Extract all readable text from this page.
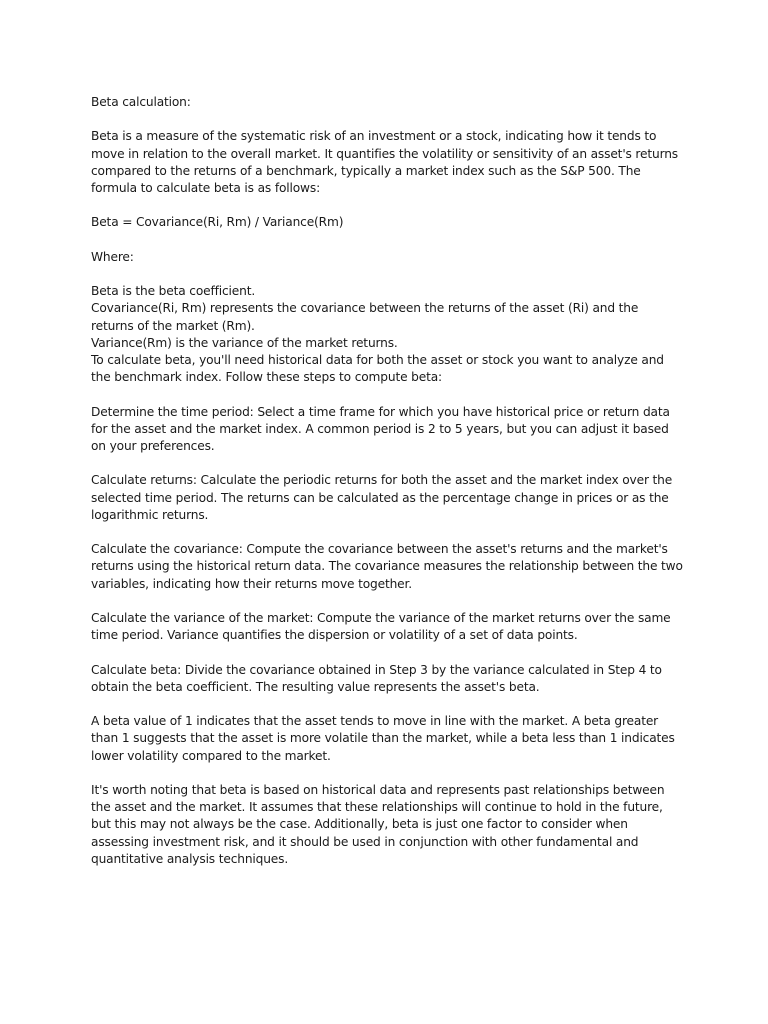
Beta calculation:

Beta is a measure of the systematic risk of an investment or a stock, indicating how it tends to move in relation to the overall market. It quantifies the volatility or sensitivity of an asset's returns compared to the returns of a benchmark, typically a market index such as the S&P 500. The formula to calculate beta is as follows:

Beta = Covariance(Ri, Rm) / Variance(Rm)

Where:

Beta is the beta coefficient.

Covariance(Ri, Rm) represents the covariance between the returns of the asset (Ri) and the returns of the market (Rm).

Variance(Rm) is the variance of the market returns.

To calculate beta, you'll need historical data for both the asset or stock you want to analyze and the benchmark index. Follow these steps to compute beta:

Determine the time period: Select a time frame for which you have historical price or return data for the asset and the market index. A common period is 2 to 5 years, but you can adjust it based on your preferences.

Calculate returns: Calculate the periodic returns for both the asset and the market index over the selected time period. The returns can be calculated as the percentage change in prices or as the logarithmic returns.

Calculate the covariance: Compute the covariance between the asset's returns and the market's returns using the historical return data. The covariance measures the relationship between the two variables, indicating how their returns move together.

Calculate the variance of the market: Compute the variance of the market returns over the same time period. Variance quantifies the dispersion or volatility of a set of data points.

Calculate beta: Divide the covariance obtained in Step 3 by the variance calculated in Step 4 to obtain the beta coefficient. The resulting value represents the asset's beta.

A beta value of 1 indicates that the asset tends to move in line with the market. A beta greater than 1 suggests that the asset is more volatile than the market, while a beta less than 1 indicates lower volatility compared to the market.

It's worth noting that beta is based on historical data and represents past relationships between the asset and the market. It assumes that these relationships will continue to hold in the future, but this may not always be the case. Additionally, beta is just one factor to consider when assessing investment risk, and it should be used in conjunction with other fundamental and quantitative analysis techniques.
